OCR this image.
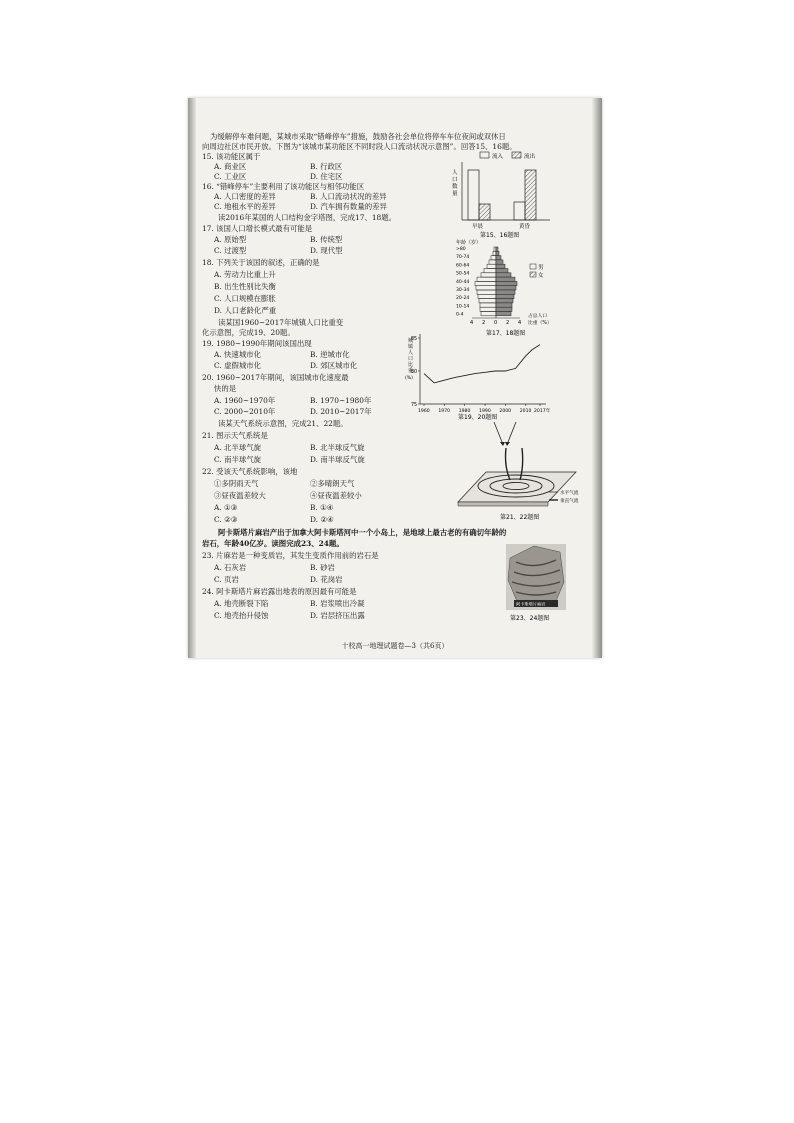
为缓解停车难问题，某城市采取“错峰停车”措施，鼓励各社会单位将停车车位夜间或双休日
向周边社区市民开放。下图为“该城市某功能区不同时段人口流动状况示意图”。回答15、16题。
15. 该功能区属于
A. 商业区	B. 行政区
C. 工业区	D. 住宅区
16. “错峰停车”主要利用了该功能区与相邻功能区
A. 人口密度的差异	B. 人口流动状况的差异
C. 地租水平的差异	D. 汽车拥有数量的差异
读2016年某国的人口结构金字塔图，完成17、18题。
17. 该国人口增长模式最有可能是
A. 原始型	B. 传统型
C. 过渡型	D. 现代型
18. 下列关于该国的叙述，正确的是
A. 劳动力比重上升
B. 出生性别比失衡
C. 人口规模在膨胀
D. 人口老龄化严重
读某国1960~2017年城镇人口比重变
化示意图，完成19、20题。
19. 1980~1990年期间该国出现
A. 快速城市化	B. 逆城市化
C. 虚假城市化	D. 郊区城市化
20. 1960~2017年期间，该国城市化速度最
快的是
A. 1960~1970年	B. 1970~1980年
C. 2000~2010年	D. 2010~2017年
读某天气系统示意图，完成21、22题。
21. 图示天气系统是
A. 北半球气旋	B. 北半球反气旋
C. 南半球气旋	D. 南半球反气旋
22. 受该天气系统影响，该地
①多阴雨天气	②多晴朗天气
③昼夜温差较大	④昼夜温差较小
A. ①③	B. ①④
C. ②③	D. ②④
阿卡斯塔片麻岩产出于加拿大阿卡斯塔河中一个小岛上，是地球上最古老的有确切年龄的
岩石，年龄40亿岁。读图完成23、24题。
23. 片麻岩是一种变质岩，其发生变质作用前的岩石是
A. 石灰岩	B. 砂岩
C. 页岩	D. 花岗岩
24. 阿卡斯塔片麻岩露出地表的原因最有可能是
A. 地壳断裂下陷	B. 岩浆喷出冷凝
C. 地壳抬升侵蚀	D. 岩层挤压出露
流入	流出
人
口
数
量
早晨	黄昏
第15、16题图
年龄（岁）
>80
70-74
60-64
50-54
40-44
30-34
20-24
10-14
0-4
男
女
4 2 0 2 4
占总人口
比重（%）
第17、18题图
城
镇
人
口
比
重
(%)
75
80
85
1960 1970 1980 1990 2000 2010 2017年
第19、20题图
水平气流
垂直气流
第21、22题图
阿卡斯塔片麻岩
第23、24题图
十校高一地理试题卷—3（共6页）
